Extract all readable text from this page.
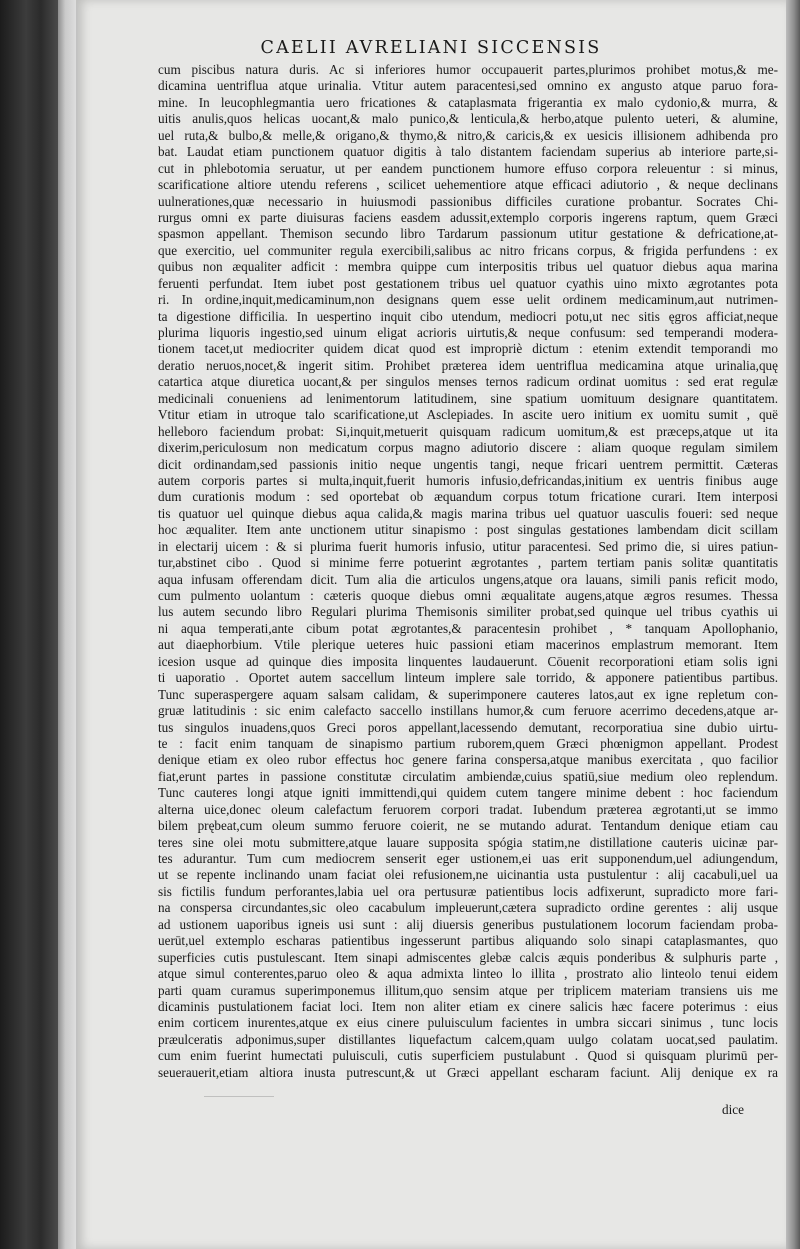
CAELII AVRELIANI SICCENSIS
cum piscibus natura duris. Ac si inferiores humor occupauerit partes,plurimos prohibet motus,& me-
dicamina uentriflua atque urinalia. Vtitur autem paracentesi,sed omnino ex angusto atque paruo fora-
mine. In leucophlegmantia uero fricationes & cataplasmata frigerantia ex malo cydonio,& murra, &
uitis anulis,quos helicas uocant,& malo punico,& lenticula,& herbo,atque pulento ueteri, & alumine,
uel ruta,& bulbo,& melle,& origano,& thymo,& nitro,& caricis,& ex uesicis illisionem adhibenda pro
bat. Laudat etiam punctionem quatuor digitis à talo distantem faciendam superius ab interiore parte,si-
cut in phlebotomia seruatur, ut per eandem punctionem humore effuso corpora releuentur : si minus,
scarificatione altiore utendu referens , scilicet uehementiore atque efficaci adiutorio , & neque declinans
uulnerationes,quæ necessario in huiusmodi passionibus difficiles curatione probantur. Socrates Chi-
rurgus omni ex parte diuisuras faciens easdem adussit,extemplo corporis ingerens raptum, quem Græci
spasmon appellant. Themison secundo libro Tardarum passionum utitur gestatione & defricatione,at-
que exercitio, uel communiter regula exercibili,salibus ac nitro fricans corpus, & frigida perfundens : ex
quibus non æqualiter adficit : membra quippe cum interpositis tribus uel quatuor diebus aqua marina
feruenti perfundat. Item iubet post gestationem tribus uel quatuor cyathis uino mixto ægrotantes pota
ri. In ordine,inquit,medicaminum,non designans quem esse uelit ordinem medicaminum,aut nutrimen-
ta digestione difficilia. In uespertino inquit cibo utendum, mediocri potu,ut nec sitis ęgros afficiat,neque
plurima liquoris ingestio,sed uinum eligat acrioris uirtutis,& neque confusum: sed temperandi modera-
tionem tacet,ut mediocriter quidem dicat quod est impropriè dictum : etenim extendit temporandi mo
deratio neruos,nocet,& ingerit sitim. Prohibet præterea idem uentriflua medicamina atque urinalia,quę
catartica atque diuretica uocant,& per singulos menses ternos radicum ordinat uomitus : sed erat regulæ
medicinali conueniens ad lenimentorum latitudinem, sine spatium uomituum designare quantitatem.
Vtitur etiam in utroque talo scarificatione,ut Asclepiades. In ascite uero initium ex uomitu sumit , quë
helleboro faciendum probat: Si,inquit,metuerit quisquam radicum uomitum,& est præceps,atque ut ita
dixerim,periculosum non medicatum corpus magno adiutorio discere : aliam quoque regulam similem
dicit ordinandam,sed passionis initio neque ungentis tangi, neque fricari uentrem permittit. Cæteras
autem corporis partes si multa,inquit,fuerit humoris infusio,defricandas,initium ex uentris finibus auge
dum curationis modum : sed oportebat ob æquandum corpus totum fricatione curari. Item interposi
tis quatuor uel quinque diebus aqua calida,& magis marina tribus uel quatuor uasculis foueri: sed neque
hoc æqualiter. Item ante unctionem utitur sinapismo : post singulas gestationes lambendam dicit scillam
in electarij uicem : & si plurima fuerit humoris infusio, utitur paracentesi. Sed primo die, si uires patiun-
tur,abstinet cibo . Quod si minime ferre potuerint ægrotantes , partem tertiam panis solitæ quantitatis
aqua infusam offerendam dicit. Tum alia die articulos ungens,atque ora lauans, simili panis reficit modo,
cum pulmento uolantum : cæteris quoque diebus omni æqualitate augens,atque ægros resumes. Thessa
lus autem secundo libro Regulari plurima Themisonis similiter probat,sed quinque uel tribus cyathis ui
ni aqua temperati,ante cibum potat ægrotantes,& paracentesin prohibet , * tanquam Apollophanio,
aut diaephorbium. Vtile plerique ueteres huic passioni etiam macerinos emplastrum memorant. Item
icesion usque ad quinque dies imposita linquentes laudauerunt. Cōuenit recorporationi etiam solis igni
ti uaporatio . Oportet autem saccellum linteum implere sale torrido, & apponere patientibus partibus.
Tunc superaspergere aquam salsam calidam, & superimponere cauteres latos,aut ex igne repletum con-
gruæ latitudinis : sic enim calefacto saccello instillans humor,& cum feruore acerrimo decedens,atque ar-
tus singulos inuadens,quos Greci poros appellant,lacessendo demutant, recorporatiua sine dubio uirtu-
te : facit enim tanquam de sinapismo partium ruborem,quem Græci phœnigmon appellant. Prodest
denique etiam ex oleo rubor effectus hoc genere farina conspersa,atque manibus exercitata , quo facilior
fiat,erunt partes in passione constitutæ circulatim ambiendæ,cuius spatiū,siue medium oleo replendum.
Tunc cauteres longi atque igniti immittendi,qui quidem cutem tangere minime debent : hoc faciendum
alterna uice,donec oleum calefactum feruorem corpori tradat. Iubendum præterea ægrotanti,ut se immo
bilem prębeat,cum oleum summo feruore coierit, ne se mutando adurat. Tentandum denique etiam cau
teres sine olei motu submittere,atque lauare supposita spógia statim,ne distillatione cauteris uicinæ par-
tes adurantur. Tum cum mediocrem senserit eger ustionem,ei uas erit supponendum,uel adiungendum,
ut se repente inclinando unam faciat olei refusionem,ne uicinantia usta pustulentur : alij cacabuli,uel ua
sis fictilis fundum perforantes,labia uel ora pertusuræ patientibus locis adfixerunt, supradicto more fari-
na conspersa circundantes,sic oleo cacabulum impleuerunt,cætera supradicto ordine gerentes : alij usque
ad ustionem uaporibus igneis usi sunt : alij diuersis generibus pustulationem locorum faciendam proba-
uerūt,uel extemplo escharas patientibus ingesserunt partibus aliquando solo sinapi cataplasmantes, quo
superficies cutis pustulescant. Item sinapi admiscentes glebæ calcis æquis ponderibus & sulphuris parte ,
atque simul conterentes,paruo oleo & aqua admixta linteo lo illita , prostrato alio linteolo tenui eidem
parti quam curamus superimponemus illitum,quo sensim atque per triplicem materiam transiens uis me
dicaminis pustulationem faciat loci. Item non aliter etiam ex cinere salicis hæc facere poterimus : eius
enim corticem inurentes,atque ex eius cinere puluisculum facientes in umbra siccari sinimus , tunc locis
præulceratis adponimus,super distillantes liquefactum calcem,quam uulgo colatam uocat,sed paulatim.
cum enim fuerint humectati puluisculi, cutis superficiem pustulabunt . Quod si quisquam plurimū per-
seuerauerit,etiam altiora inusta putrescunt,& ut Græci appellant escharam faciunt. Alij denique ex ra
dice
